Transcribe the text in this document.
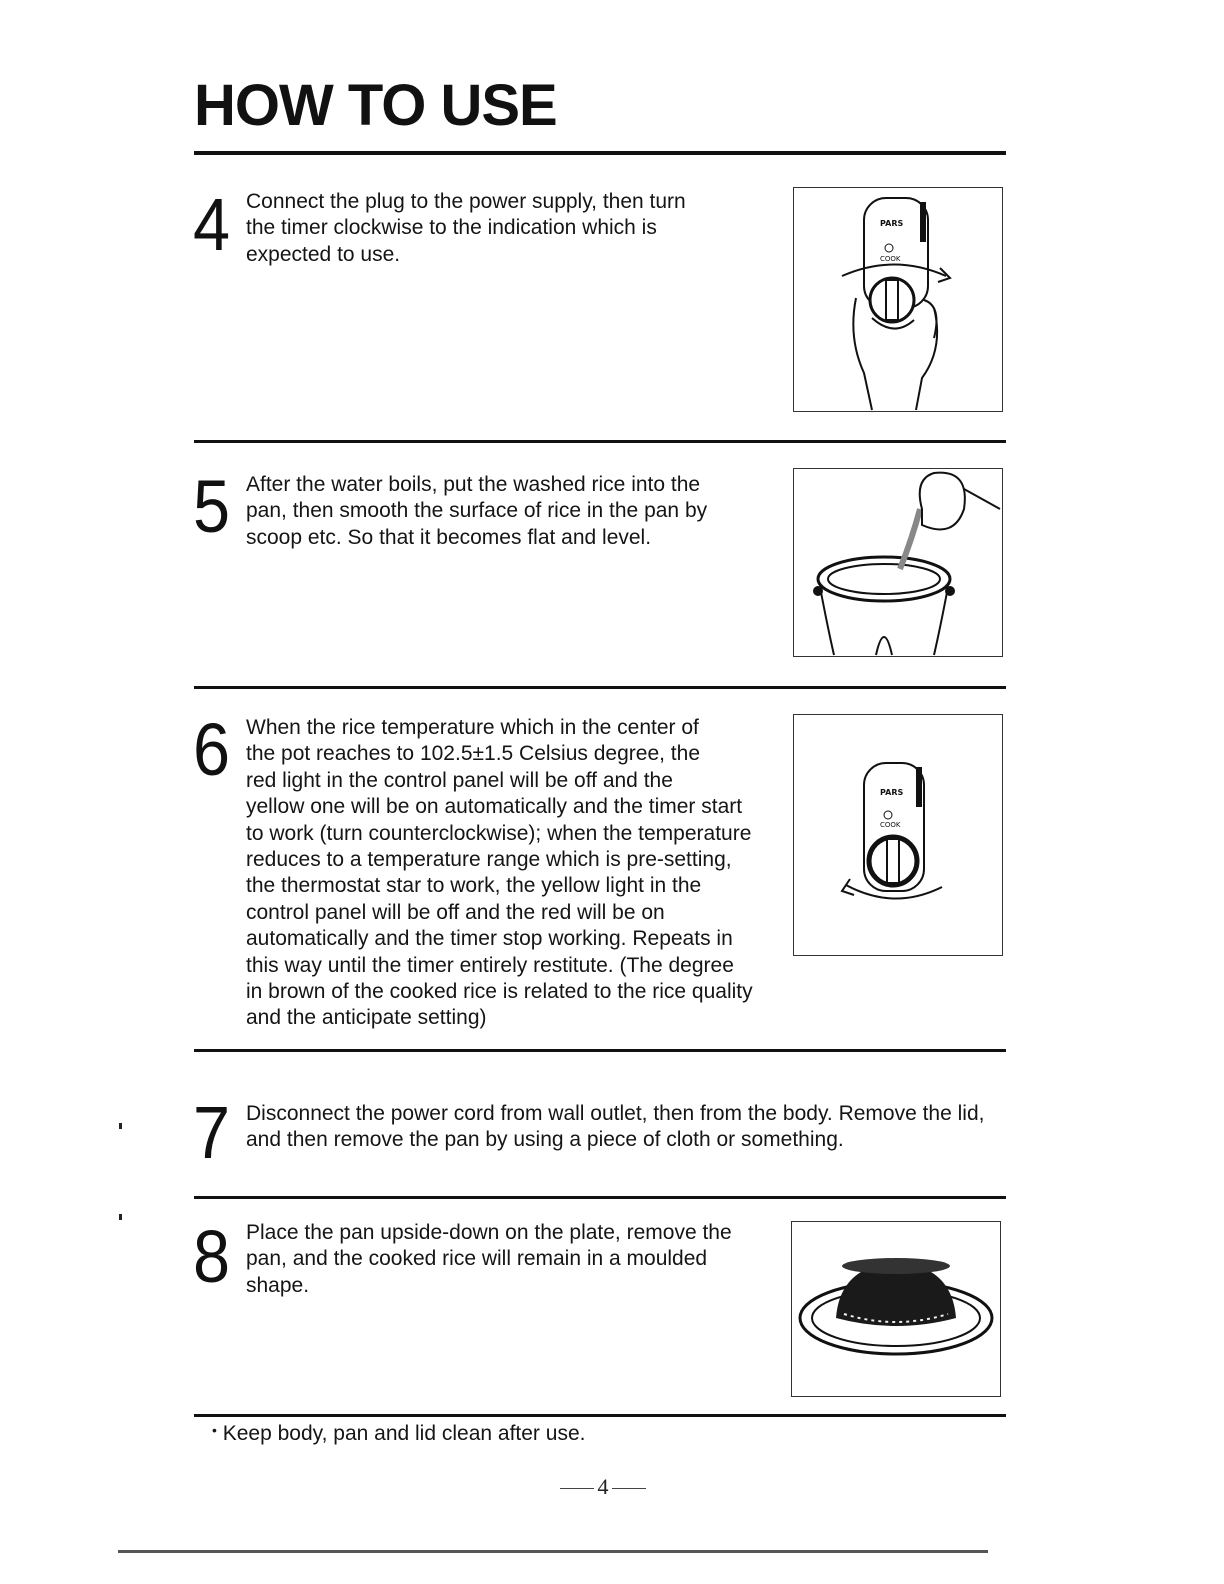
HOW TO USE
4 Connect the plug to the power supply, then turn
the timer clockwise to the indication which is
expected to use.
PARS
COOK
5 After the water boils, put the washed rice into the
pan, then smooth the surface of rice in the pan by
scoop etc. So that it becomes flat and level.
6 When the rice temperature which in the center of
the pot reaches to 102.5±1.5 Celsius degree, the
red light in the control panel will be off and the
yellow one will be on automatically and the timer start
to work (turn counterclockwise); when the temperature
reduces to a temperature range which is pre-setting,
the thermostat star to work, the yellow light in the
control panel will be off and the red will be on
automatically and the timer stop working. Repeats in
this way until the timer entirely restitute. (The degree
in brown of the cooked rice is related to the rice quality
and the anticipate setting)
PARS
COOK
7 Disconnect the power cord from wall outlet, then from the body. Remove the lid,
and then remove the pan by using a piece of cloth or something.
8 Place the pan upside-down on the plate, remove the
pan, and the cooked rice will remain in a moulded
shape.
• Keep body, pan and lid clean after use.
4
